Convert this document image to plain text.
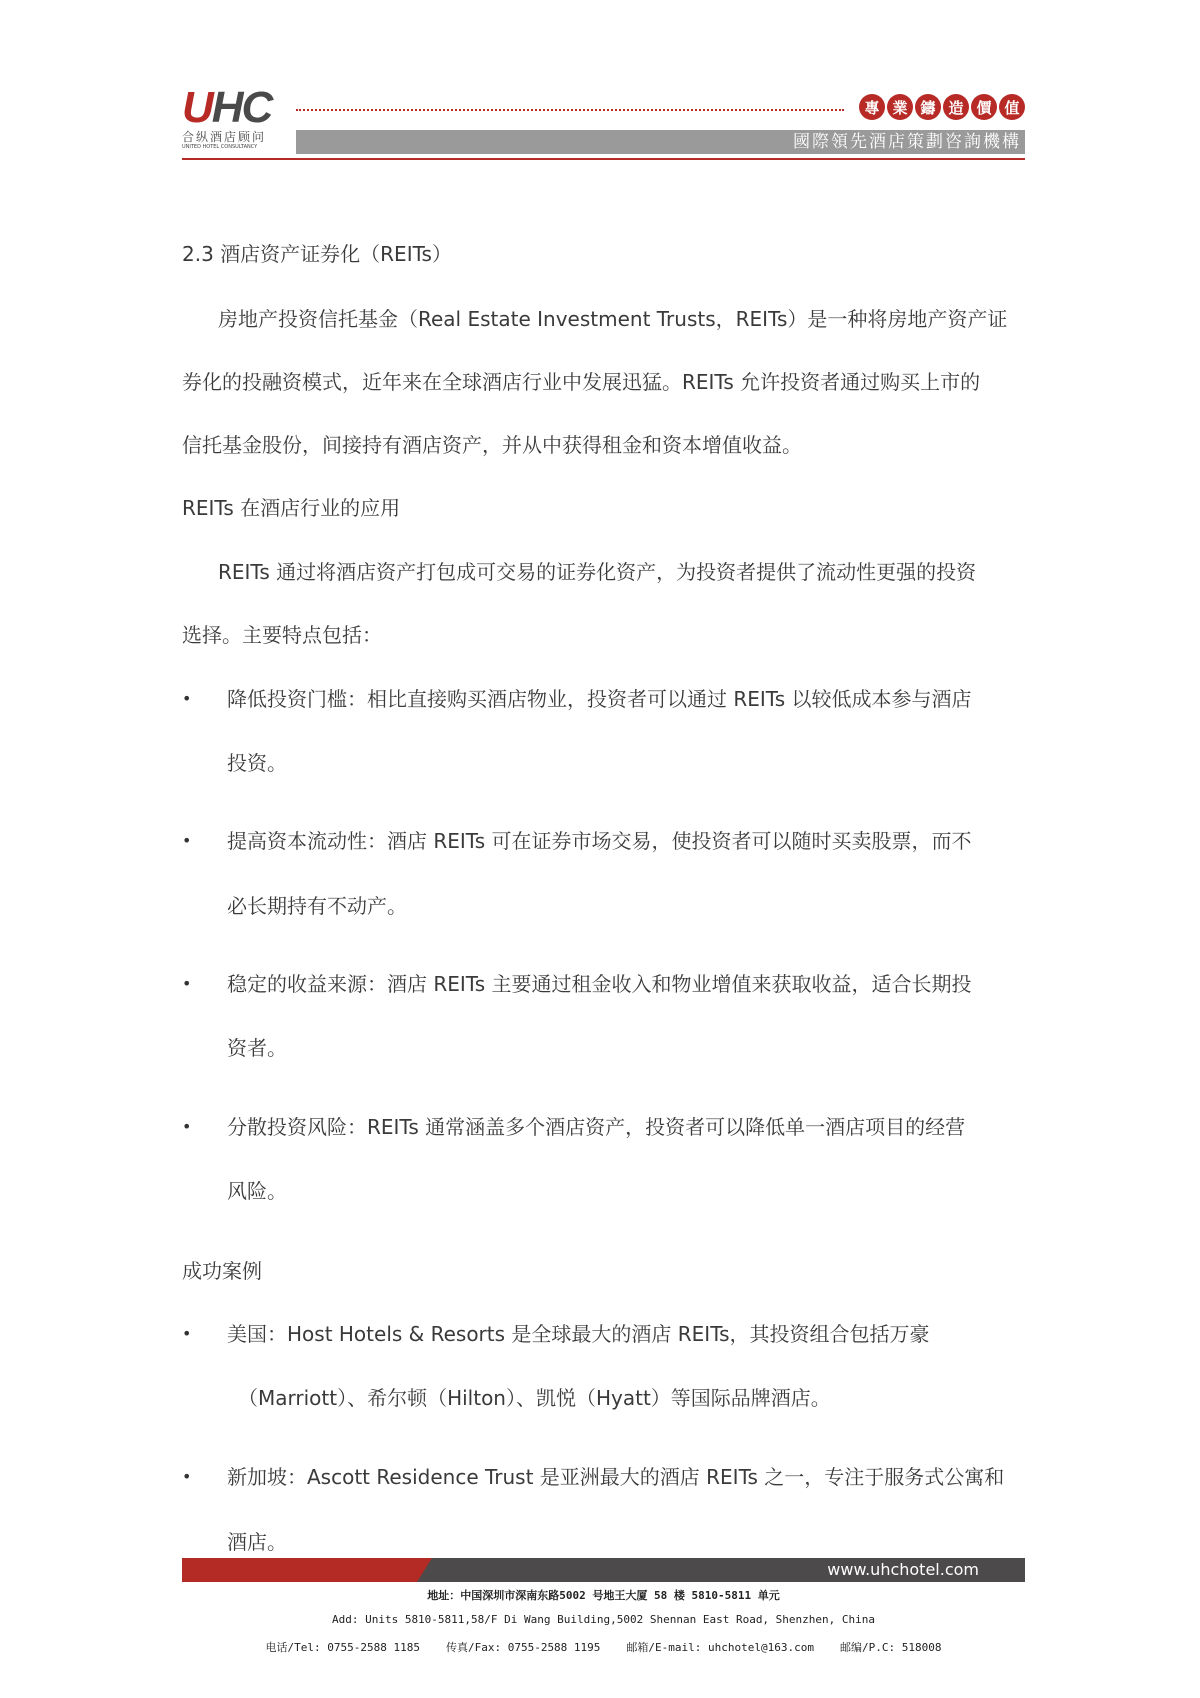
UHC
合纵酒店顾问
UNITED HOTEL CONSULTANCY
專 業 鑄 造 價 值
國際領先酒店策劃咨詢機構
2.3 酒店资产证券化（REITs）
房地产投资信托基金（Real Estate Investment Trusts，REITs）是一种将房地产资产证
券化的投融资模式，近年来在全球酒店行业中发展迅猛。REITs 允许投资者通过购买上市的
信托基金股份，间接持有酒店资产，并从中获得租金和资本增值收益。
REITs 在酒店行业的应用
REITs 通过将酒店资产打包成可交易的证券化资产，为投资者提供了流动性更强的投资
选择。主要特点包括：
• 降低投资门槛：相比直接购买酒店物业，投资者可以通过 REITs 以较低成本参与酒店
投资。
• 提高资本流动性：酒店 REITs 可在证券市场交易，使投资者可以随时买卖股票，而不
必长期持有不动产。
• 稳定的收益来源：酒店 REITs 主要通过租金收入和物业增值来获取收益，适合长期投
资者。
• 分散投资风险：REITs 通常涵盖多个酒店资产，投资者可以降低单一酒店项目的经营
风险。
成功案例
• 美国：Host Hotels & Resorts 是全球最大的酒店 REITs，其投资组合包括万豪
（Marriott）、希尔顿（Hilton）、凯悦（Hyatt）等国际品牌酒店。
• 新加坡：Ascott Residence Trust 是亚洲最大的酒店 REITs 之一，专注于服务式公寓和
酒店。
www.uhchotel.com
地址：中国深圳市深南东路5002 号地王大厦 58 楼 5810-5811 单元
Add: Units 5810-5811,58/F Di Wang Building,5002 Shennan East Road, Shenzhen, China
电话/Tel: 0755-2588 1185 传真/Fax: 0755-2588 1195 邮箱/E-mail: uhchotel@163.com 邮编/P.C: 518008
